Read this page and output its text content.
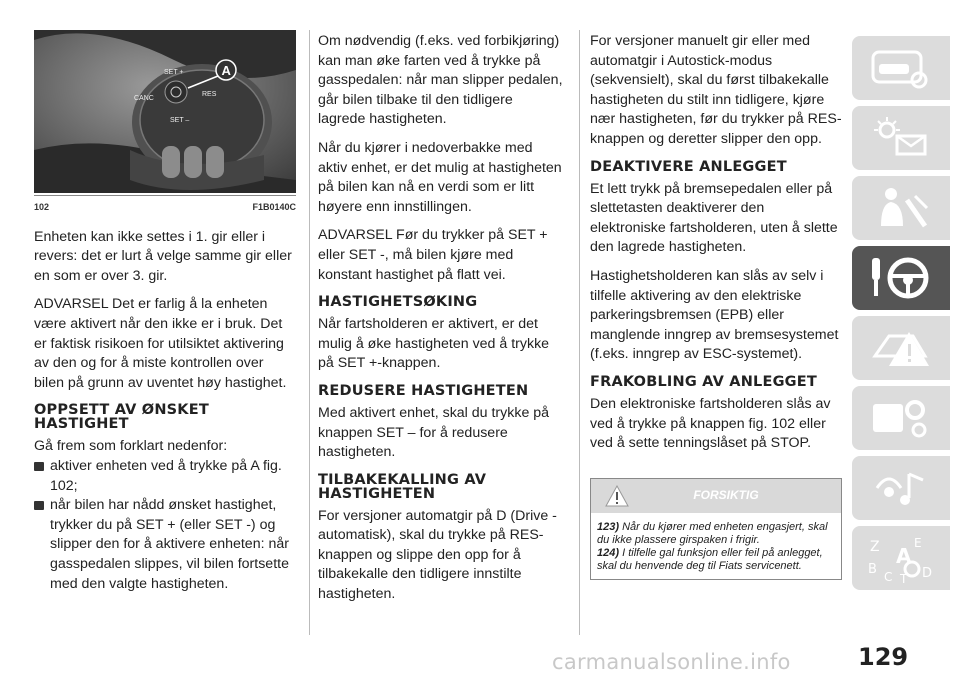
SET +
CANC
RES
SET –
A
102	F1B0140C

Enheten kan ikke settes i 1. gir eller i revers: det er lurt å velge samme gir eller en som er over 3. gir.

ADVARSEL Det er farlig å la enheten være aktivert når den ikke er i bruk. Det er faktisk risikoen for utilsiktet aktivering av den og for å miste kontrollen over bilen på grunn av uventet høy hastighet.

OPPSETT AV ØNSKET HASTIGHET

Gå frem som forklart nedenfor:

aktiver enheten ved å trykke på A fig. 102;
når bilen har nådd ønsket hastighet, trykker du på SET + (eller SET -) og slipper den for å aktivere enheten: når gasspedalen slippes, vil bilen fortsette med den valgte hastigheten.

Om nødvendig (f.eks. ved forbikjøring) kan man øke farten ved å trykke på gasspedalen: når man slipper pedalen, går bilen tilbake til den tidligere lagrede hastigheten.

Når du kjører i nedoverbakke med aktiv enhet, er det mulig at hastigheten på bilen kan nå en verdi som er litt høyere enn innstillingen.

ADVARSEL Før du trykker på SET + eller SET -, må bilen kjøre med konstant hastighet på flatt vei.

HASTIGHETSØKING

Når fartsholderen er aktivert, er det mulig å øke hastigheten ved å trykke på SET +-knappen.

REDUSERE HASTIGHETEN

Med aktivert enhet, skal du trykke på knappen SET – for å redusere hastigheten.

TILBAKEKALLING AV HASTIGHETEN

For versjoner automatgir på D (Drive - automatisk), skal du trykke på RES-knappen og slippe den opp for å tilbakekalle den tidligere innstilte hastigheten.

For versjoner manuelt gir eller med automatgir i Autostick-modus (sekvensielt), skal du først tilbakekalle hastigheten du stilt inn tidligere, kjøre nær hastigheten, før du trykker på RES-knappen og deretter slipper den opp.

DEAKTIVERE ANLEGGET

Et lett trykk på bremsepedalen eller på slettetasten deaktiverer den elektroniske fartsholderen, uten å slette den lagrede hastigheten.

Hastighetsholderen kan slås av selv i tilfelle aktivering av den elektriske parkeringsbremsen (EPB) eller manglende inngrep av bremsesystemet (f.eks. inngrep av ESC-systemet).

FRAKOBLING AV ANLEGGET

Den elektroniske fartsholderen slås av ved å trykke på knappen fig. 102 eller ved å sette tenningslåset på STOP.

FORSIKTIG
123) Når du kjører med enheten engasjert, skal du ikke plassere girspaken i frigir.
124) I tilfelle gal funksjon eller feil på anlegget, skal du henvende deg til Fiats servicenett.
Z	E
A
B C T D
129
carmanualsonline.info
